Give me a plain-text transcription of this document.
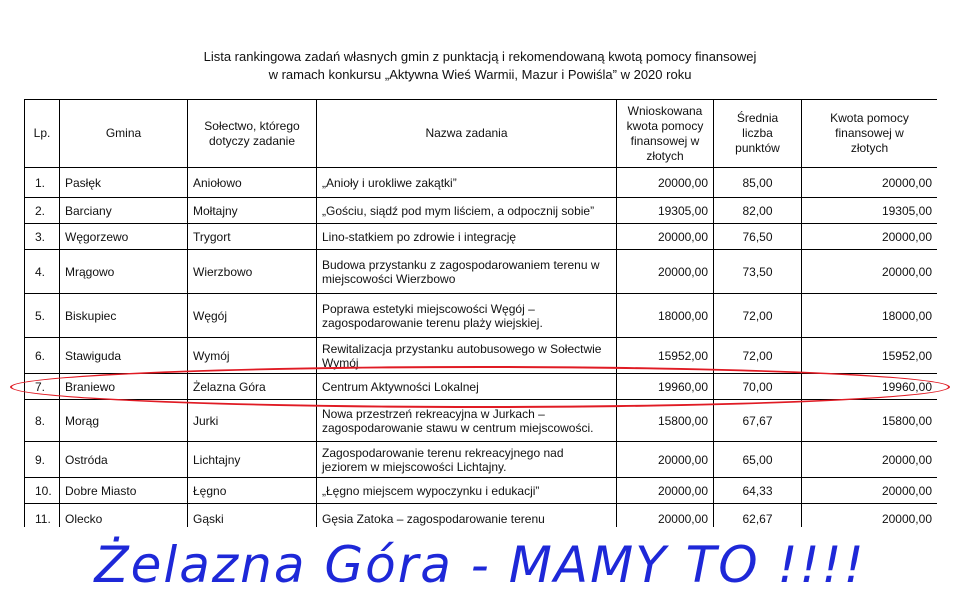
Lista rankingowa zadań własnych gmin z punktacją i rekomendowaną kwotą pomocy finansowej
w ramach konkursu „Aktywna Wieś Warmii, Mazur i Powiśla” w 2020 roku
Lp.	Gmina	Sołectwo, którego dotyczy zadanie	Nazwa zadania	Wnioskowana kwota pomocy finansowej w złotych	Średnia liczba punktów	Kwota pomocy finansowej w złotych
1.	Pasłęk	Aniołowo	„Anioły i urokliwe zakątki”	20000,00	85,00	20000,00
2.	Barciany	Mołtajny	„Gościu, siądź pod mym liściem, a odpocznij sobie”	19305,00	82,00	19305,00
3.	Węgorzewo	Trygort	Lino-statkiem po zdrowie i integrację	20000,00	76,50	20000,00
4.	Mrągowo	Wierzbowo	Budowa przystanku z zagospodarowaniem terenu w miejscowości Wierzbowo	20000,00	73,50	20000,00
5.	Biskupiec	Węgój	Poprawa estetyki miejscowości Węgój – zagospodarowanie terenu plaży wiejskiej.	18000,00	72,00	18000,00
6.	Stawiguda	Wymój	Rewitalizacja przystanku autobusowego w Sołectwie Wymój	15952,00	72,00	15952,00
7.	Braniewo	Żelazna Góra	Centrum Aktywności Lokalnej	19960,00	70,00	19960,00
8.	Morąg	Jurki	Nowa przestrzeń rekreacyjna w Jurkach – zagospodarowanie stawu w centrum miejscowości.	15800,00	67,67	15800,00
9.	Ostróda	Lichtajny	Zagospodarowanie terenu rekreacyjnego nad jeziorem w miejscowości Lichtajny.	20000,00	65,00	20000,00
10.	Dobre Miasto	Łęgno	„Łęgno miejscem wypoczynku i edukacji”	20000,00	64,33	20000,00
11.	Olecko	Gąski	Gęsia Zatoka – zagospodarowanie terenu	20000,00	62,67	20000,00
Żelazna Góra - MAMY TO !!!!
